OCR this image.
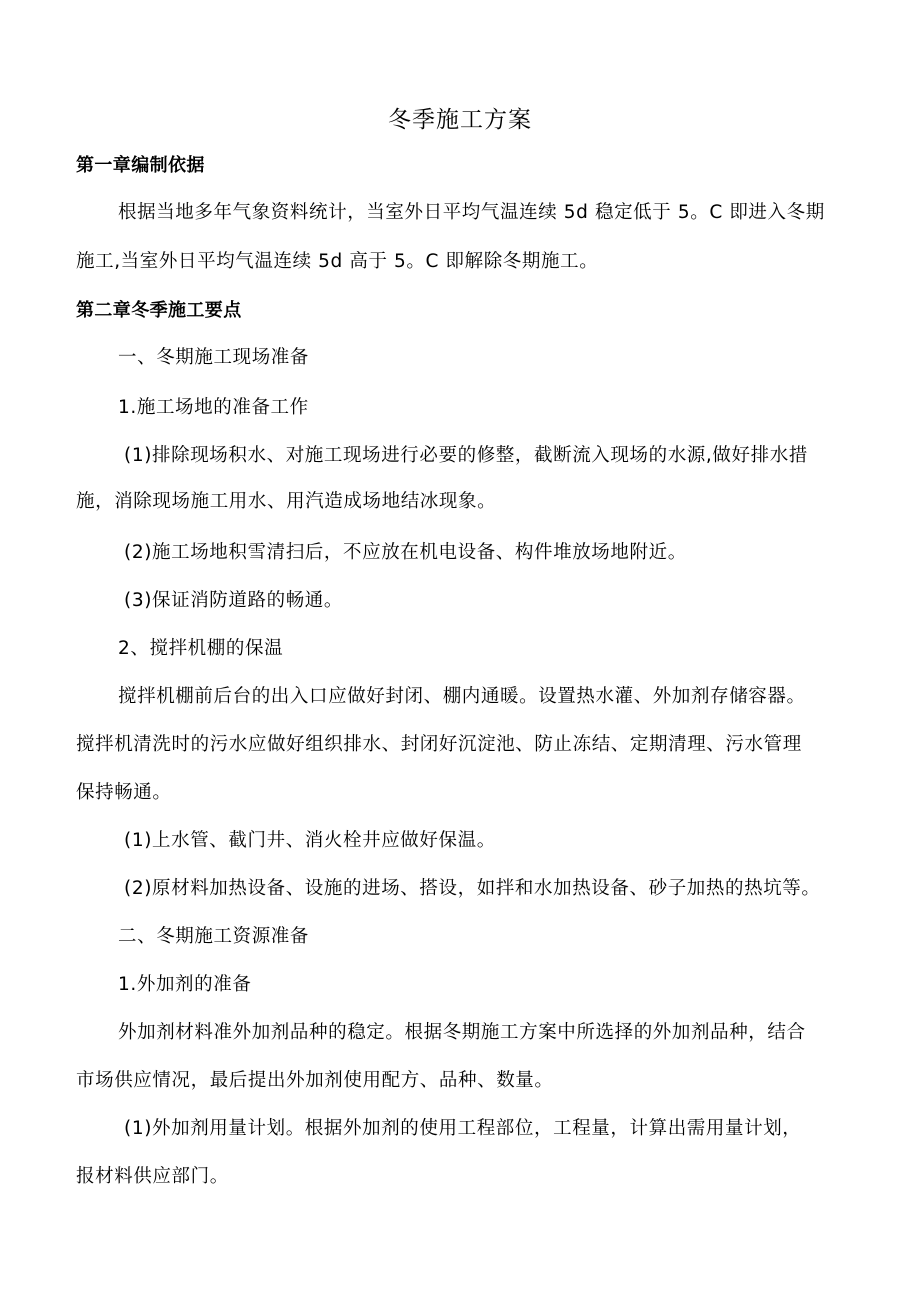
冬季施工方案
第一章编制依据
根据当地多年气象资料统计，当室外日平均气温连续 5d 稳定低于 5。C 即进入冬期
施工,当室外日平均气温连续 5d 高于 5。C 即解除冬期施工。
第二章冬季施工要点
一、冬期施工现场准备
1.施工场地的准备工作
(1)排除现场积水、对施工现场进行必要的修整，截断流入现场的水源,做好排水措
施，消除现场施工用水、用汽造成场地结冰现象。
(2)施工场地积雪清扫后，不应放在机电设备、构件堆放场地附近。
(3)保证消防道路的畅通。
2、搅拌机棚的保温
搅拌机棚前后台的出入口应做好封闭、棚内通暖。设置热水灌、外加剂存储容器。
搅拌机清洗时的污水应做好组织排水、封闭好沉淀池、防止冻结、定期清理、污水管理
保持畅通。
(1)上水管、截门井、消火栓井应做好保温。
(2)原材料加热设备、设施的进场、搭设，如拌和水加热设备、砂子加热的热坑等。
二、冬期施工资源准备
1.外加剂的准备
外加剂材料准外加剂品种的稳定。根据冬期施工方案中所选择的外加剂品种，结合
市场供应情况，最后提出外加剂使用配方、品种、数量。
(1)外加剂用量计划。根据外加剂的使用工程部位，工程量，计算出需用量计划，
报材料供应部门。
